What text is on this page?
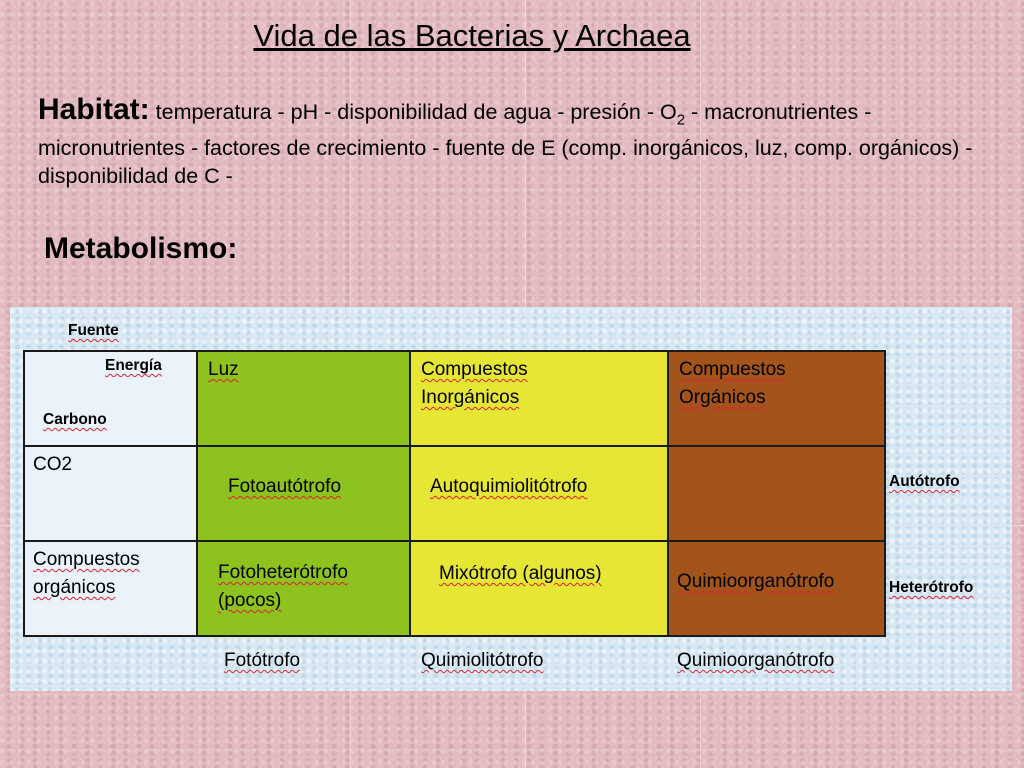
Vida de las Bacterias y Archaea
Habitat: temperatura - pH - disponibilidad de agua - presión - $O_2$ - macronutrientes - micronutrientes - factores de crecimiento - fuente de E (comp. inorgánicos, luz, comp. orgánicos) - disponibilidad de C -
Metabolismo:
Fuente
Energía
Carbono	Luz	Compuestos Inorgánicos	Compuestos Orgánicos

CO2	Fotoautótrofo	Autoquimiolitótrofo	

Compuestos orgánicos	Fotoheterótrofo (pocos)	Mixótrofo (algunos)	Quimioorganótrofo
Autótrofo
Heterótrofo
Fotótrofo	Quimiolitótrofo	Quimioorganótrofo
